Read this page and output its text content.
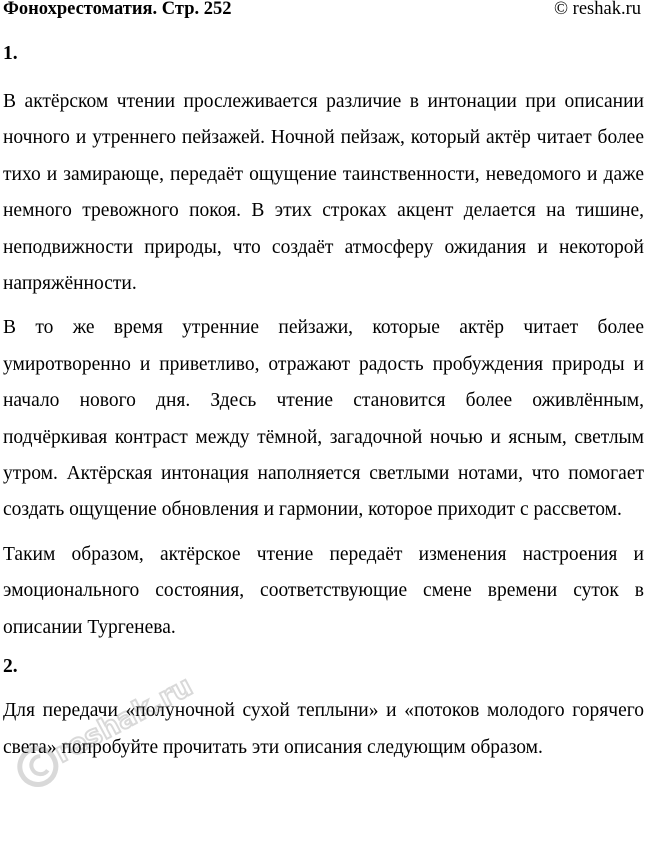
Фонохрестоматия. Стр. 252	© reshak.ru

1.

В актёрском чтении прослеживается различие в интонации при описании ночного и утреннего пейзажей. Ночной пейзаж, который актёр читает более тихо и замирающе, передаёт ощущение таинственности, неведомого и даже немного тревожного покоя. В этих строках акцент делается на тишине, неподвижности природы, что создаёт атмосферу ожидания и некоторой напряжённости.

В то же время утренние пейзажи, которые актёр читает более умиротворенно и приветливо, отражают радость пробуждения природы и начало нового дня. Здесь чтение становится более оживлённым, подчёркивая контраст между тёмной, загадочной ночью и ясным, светлым утром. Актёрская интонация наполняется светлыми нотами, что помогает создать ощущение обновления и гармонии, которое приходит с рассветом.

Таким образом, актёрское чтение передаёт изменения настроения и эмоционального состояния, соответствующие смене времени суток в описании Тургенева.

2.

Для передачи «полуночной сухой теплыни» и «потоков молодого горячего света» попробуйте прочитать эти описания следующим образом.

reshak.ru
